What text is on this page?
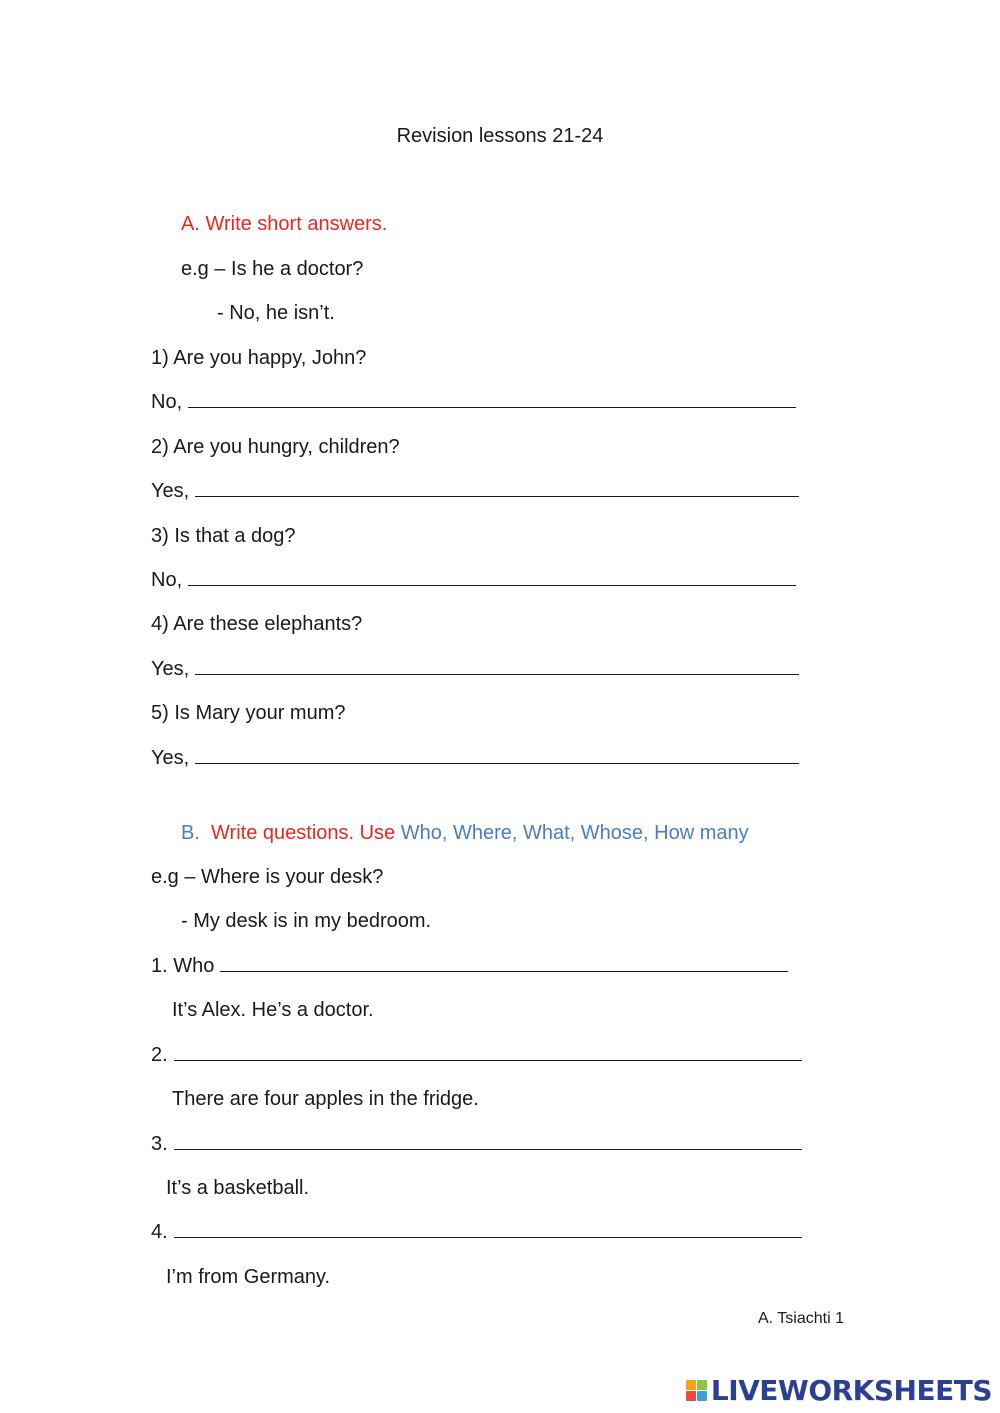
Revision lessons 21-24
A. Write short answers.
e.g – Is he a doctor?
- No, he isn’t.
1) Are you happy, John?
No,
2) Are you hungry, children?
Yes,
3) Is that a dog?
No,
4) Are these elephants?
Yes,
5) Is Mary your mum?
Yes,
B. Write questions. Use Who, Where, What, Whose, How many
e.g – Where is your desk?
- My desk is in my bedroom.
1. Who
It’s Alex. He’s a doctor.
2.
There are four apples in the fridge.
3.
It’s a basketball.
4.
I’m from Germany.
A. Tsiachti 1
LIVEWORKSHEETS
